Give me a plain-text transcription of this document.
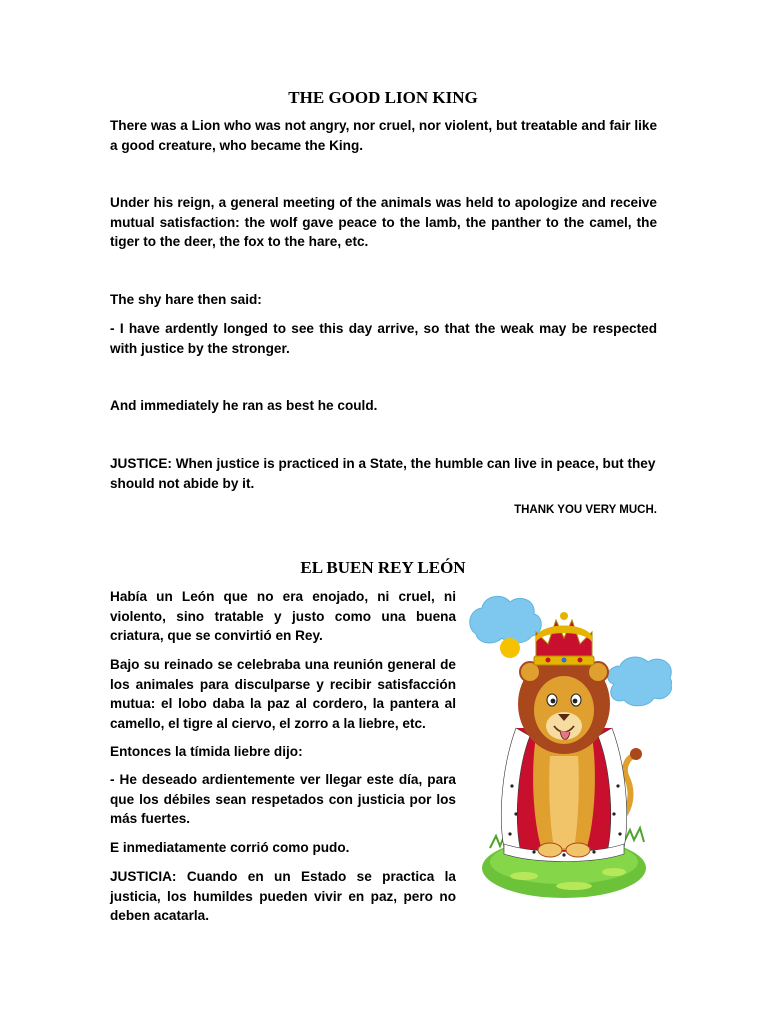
THE GOOD LION KING

There was a Lion who was not angry, nor cruel, nor violent, but treatable and fair like a good creature, who became the King.

Under his reign, a general meeting of the animals was held to apologize and receive mutual satisfaction: the wolf gave peace to the lamb, the panther to the camel, the tiger to the deer, the fox to the hare, etc.

The shy hare then said:

- I have ardently longed to see this day arrive, so that the weak may be respected with justice by the stronger.

And immediately he ran as best he could.

JUSTICE: When justice is practiced in a State, the humble can live in peace, but they should not abide by it.

THANK YOU VERY MUCH.

EL BUEN REY LEÓN

Había un León que no era enojado, ni cruel, ni violento, sino tratable y justo como una buena criatura, que se convirtió en Rey.

Bajo su reinado se celebraba una reunión general de los animales para disculparse y recibir satisfacción mutua: el lobo daba la paz al cordero, la pantera al camello, el tigre al ciervo, el zorro a la liebre, etc.

Entonces la tímida liebre dijo:

- He deseado ardientemente ver llegar este día, para que los débiles sean respetados con justicia por los más fuertes.

E inmediatamente corrió como pudo.

JUSTICIA: Cuando en un Estado se practica la justicia, los humildes pueden vivir en paz, pero no deben acatarla.
